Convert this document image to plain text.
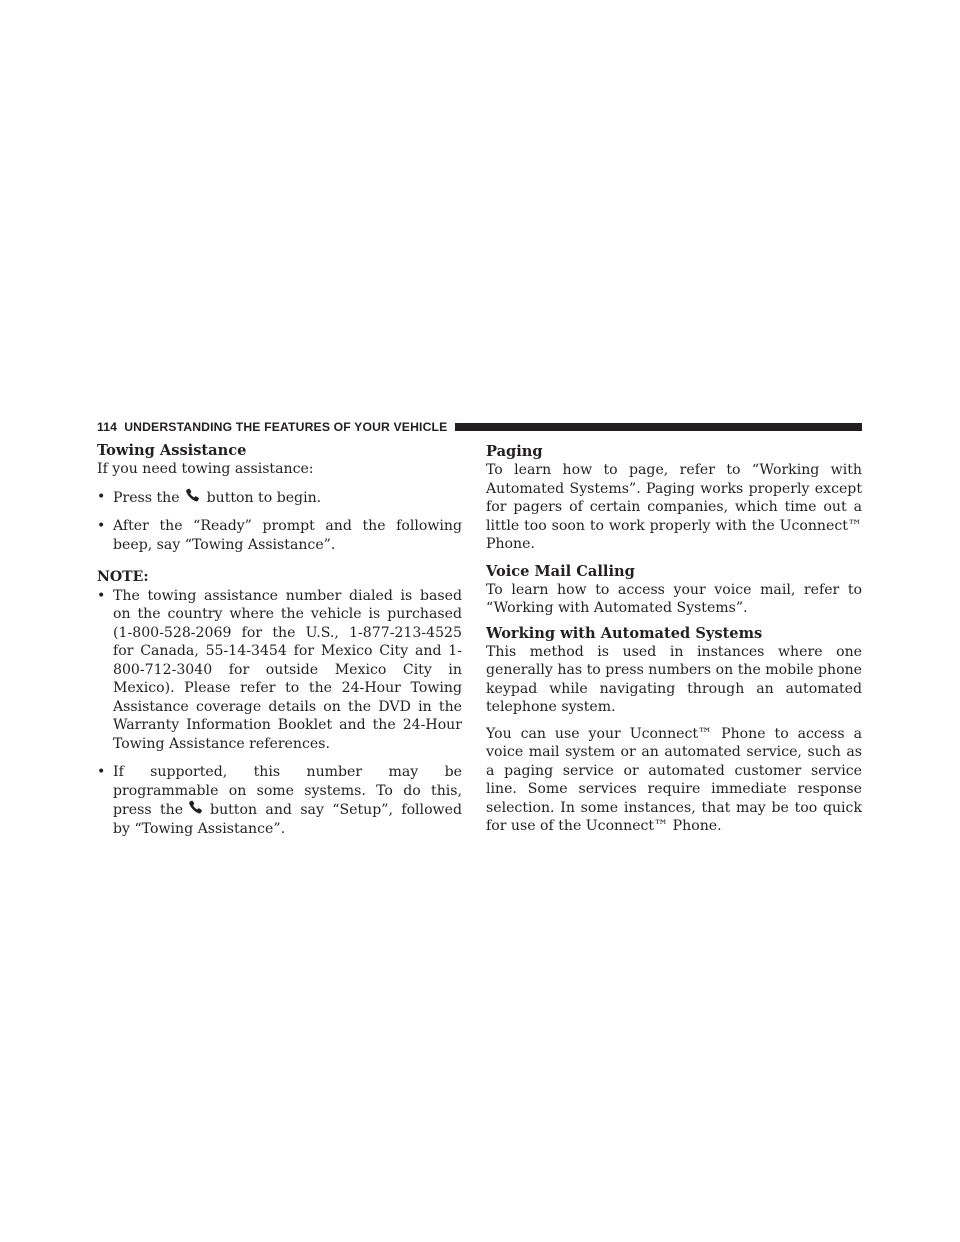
114 UNDERSTANDING THE FEATURES OF YOUR VEHICLE

Towing Assistance

If you need towing assistance:

• Press the button to begin.
• After the “Ready” prompt and the following beep, say “Towing Assistance”.
NOTE:
• The towing assistance number dialed is based on the country where the vehicle is purchased (1-800-528-2069 for the U.S., 1-877-213-4525 for Canada, 55-14-3454 for Mexico City and 1-800-712-3040 for outside Mexico City in Mexico). Please refer to the 24-Hour Towing Assistance coverage details on the DVD in the Warranty Information Booklet and the 24-Hour Towing Assistance references.
• If supported, this number may be programmable on some systems. To do this, press the button and say “Setup”, followed by “Towing Assistance”.

Paging

To learn how to page, refer to “Working with Automated Systems”. Paging works properly except for pagers of certain companies, which time out a little too soon to work properly with the Uconnect™ Phone.

Voice Mail Calling

To learn how to access your voice mail, refer to “Working with Automated Systems”.

Working with Automated Systems

This method is used in instances where one generally has to press numbers on the mobile phone keypad while navigating through an automated telephone system.

You can use your Uconnect™ Phone to access a voice mail system or an automated service, such as a paging service or automated customer service line. Some services require immediate response selection. In some instances, that may be too quick for use of the Uconnect™ Phone.
